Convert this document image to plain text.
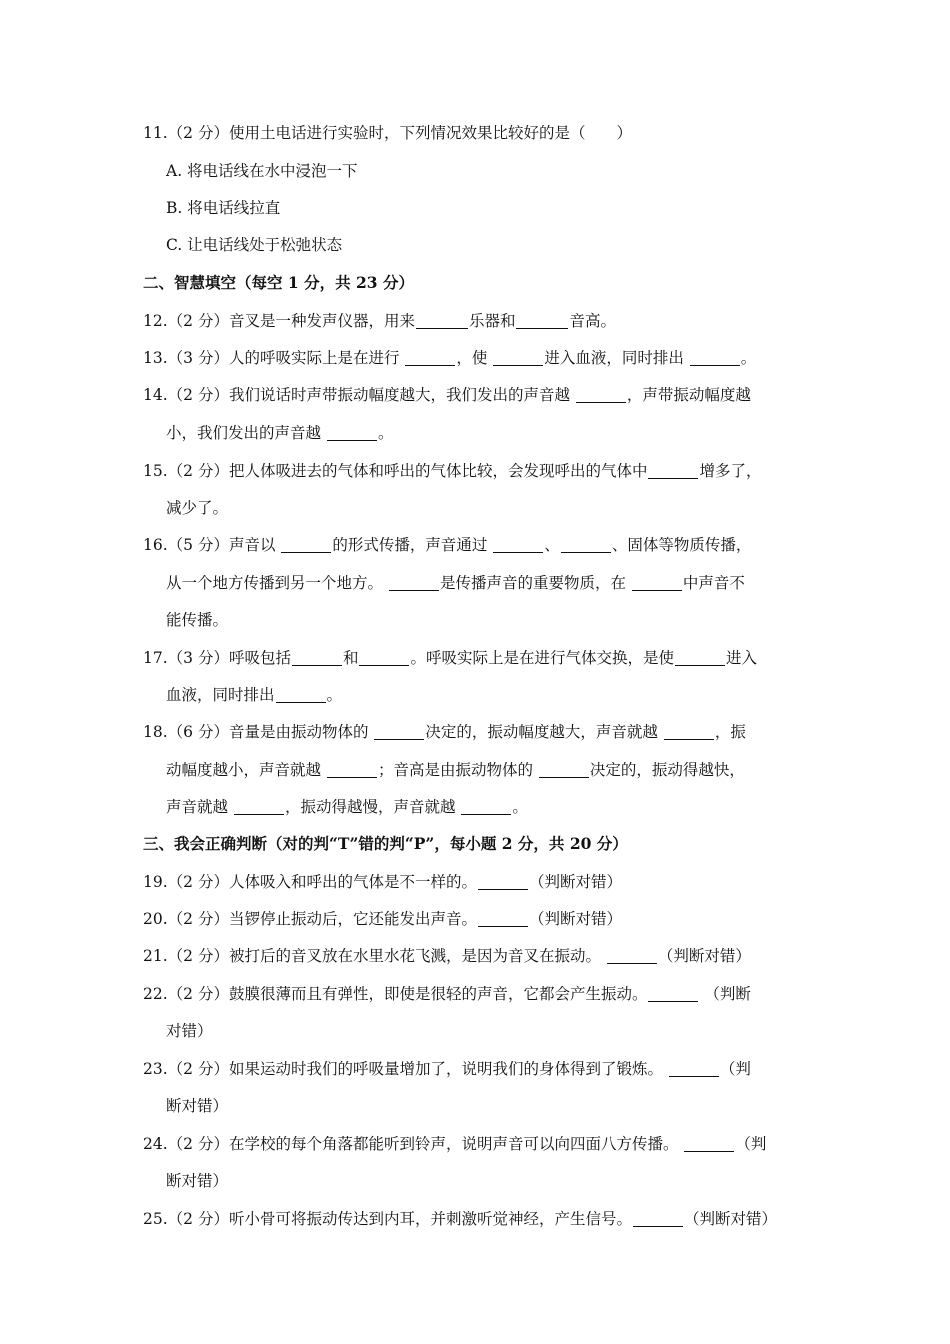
11.（2 分）使用土电话进行实验时，下列情况效果比较好的是（　　）
A. 将电话线在水中浸泡一下
B. 将电话线拉直
C. 让电话线处于松弛状态
二、智慧填空（每空 1 分，共 23 分）
12.（2 分）音叉是一种发声仪器，用来	乐器和	音高。
13.（3 分）人的呼吸实际上是在进行	，使	进入血液，同时排出	。
14.（2 分）我们说话时声带振动幅度越大，我们发出的声音越	，声带振动幅度越
小，我们发出的声音越	。
15.（2 分）把人体吸进去的气体和呼出的气体比较，会发现呼出的气体中	增多了，
减少了。
16.（5 分）声音以	的形式传播，声音通过	、	、固体等物质传播，
从一个地方传播到另一个地方。	是传播声音的重要物质，在	中声音不
能传播。
17.（3 分）呼吸包括	和	。呼吸实际上是在进行气体交换，是使	进入
血液，同时排出	。
18.（6 分）音量是由振动物体的	决定的，振动幅度越大，声音就越	，振
动幅度越小，声音就越	；音高是由振动物体的	决定的，振动得越快，
声音就越	，振动得越慢，声音就越	。
三、我会正确判断（对的判“T”错的判“P”，每小题 2 分，共 20 分）
19.（2 分）人体吸入和呼出的气体是不一样的。	（判断对错）
20.（2 分）当锣停止振动后，它还能发出声音。	（判断对错）
21.（2 分）被打后的音叉放在水里水花飞溅，是因为音叉在振动。	（判断对错）
22.（2 分）鼓膜很薄而且有弹性，即使是很轻的声音，它都会产生振动。	（判断
对错）
23.（2 分）如果运动时我们的呼吸量增加了，说明我们的身体得到了锻炼。	（判
断对错）
24.（2 分）在学校的每个角落都能听到铃声，说明声音可以向四面八方传播。	（判
断对错）
25.（2 分）听小骨可将振动传达到内耳，并刺激听觉神经，产生信号。	（判断对错）
